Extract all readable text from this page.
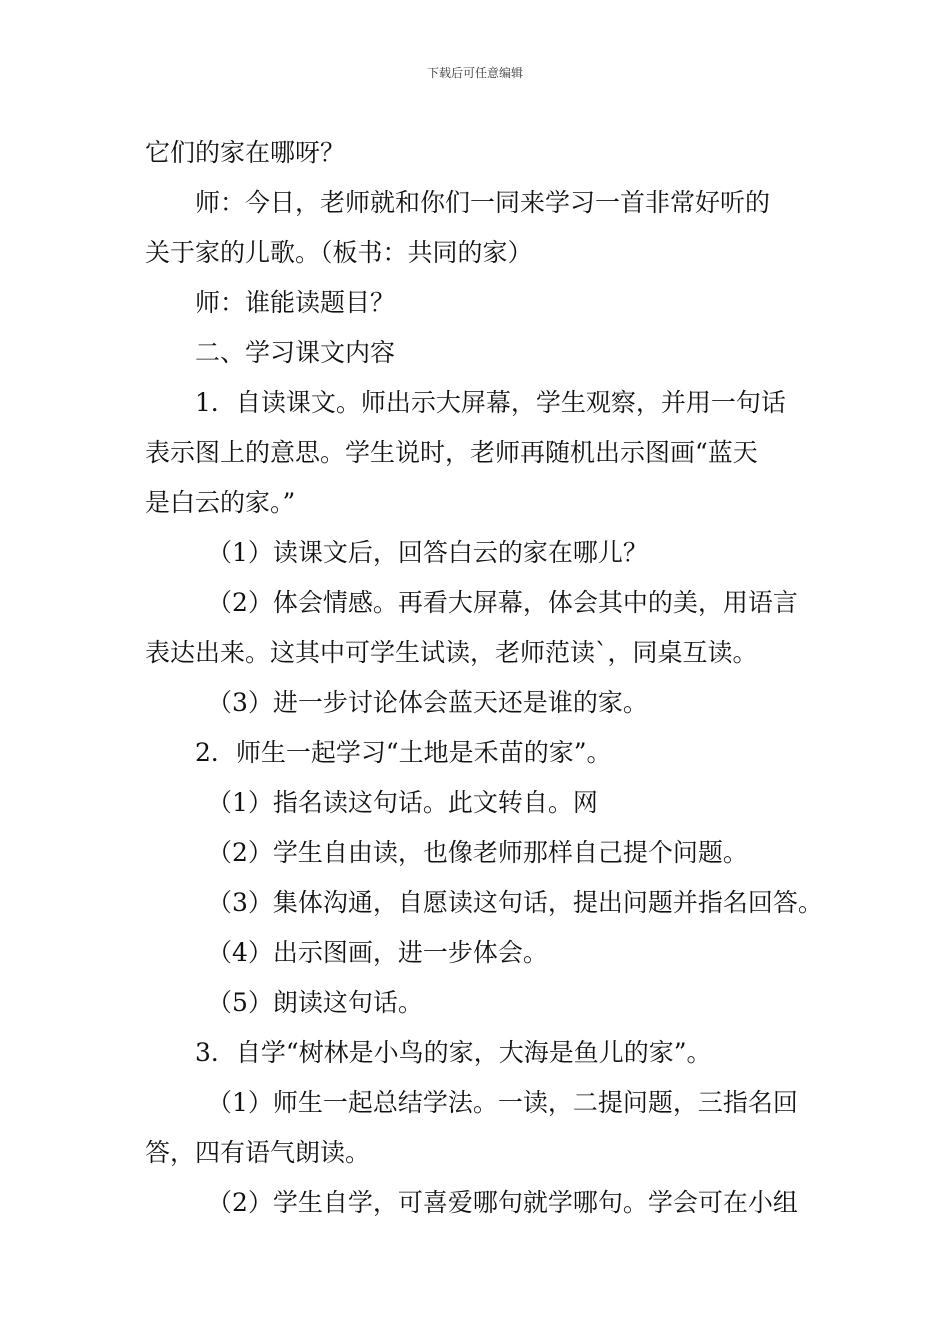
下载后可任意编辑

它们的家在哪呀？

师：今日，老师就和你们一同来学习一首非常好听的

关于家的儿歌。（板书：共同的家）

师：谁能读题目？

二、学习课文内容

1．自读课文。师出示大屏幕，学生观察，并用一句话

表示图上的意思。学生说时，老师再随机出示图画“蓝天

是白云的家。”

（1）读课文后，回答白云的家在哪儿？

（2）体会情感。再看大屏幕，体会其中的美，用语言

表达出来。这其中可学生试读，老师范读`，同桌互读。

（3）进一步讨论体会蓝天还是谁的家。

2．师生一起学习“土地是禾苗的家”。

（1）指名读这句话。此文转自。网

（2）学生自由读，也像老师那样自己提个问题。

（3）集体沟通，自愿读这句话，提出问题并指名回答。

（4）出示图画，进一步体会。

（5）朗读这句话。

3．自学“树林是小鸟的家，大海是鱼儿的家”。

（1）师生一起总结学法。一读，二提问题，三指名回

答，四有语气朗读。

（2）学生自学，可喜爱哪句就学哪句。学会可在小组
